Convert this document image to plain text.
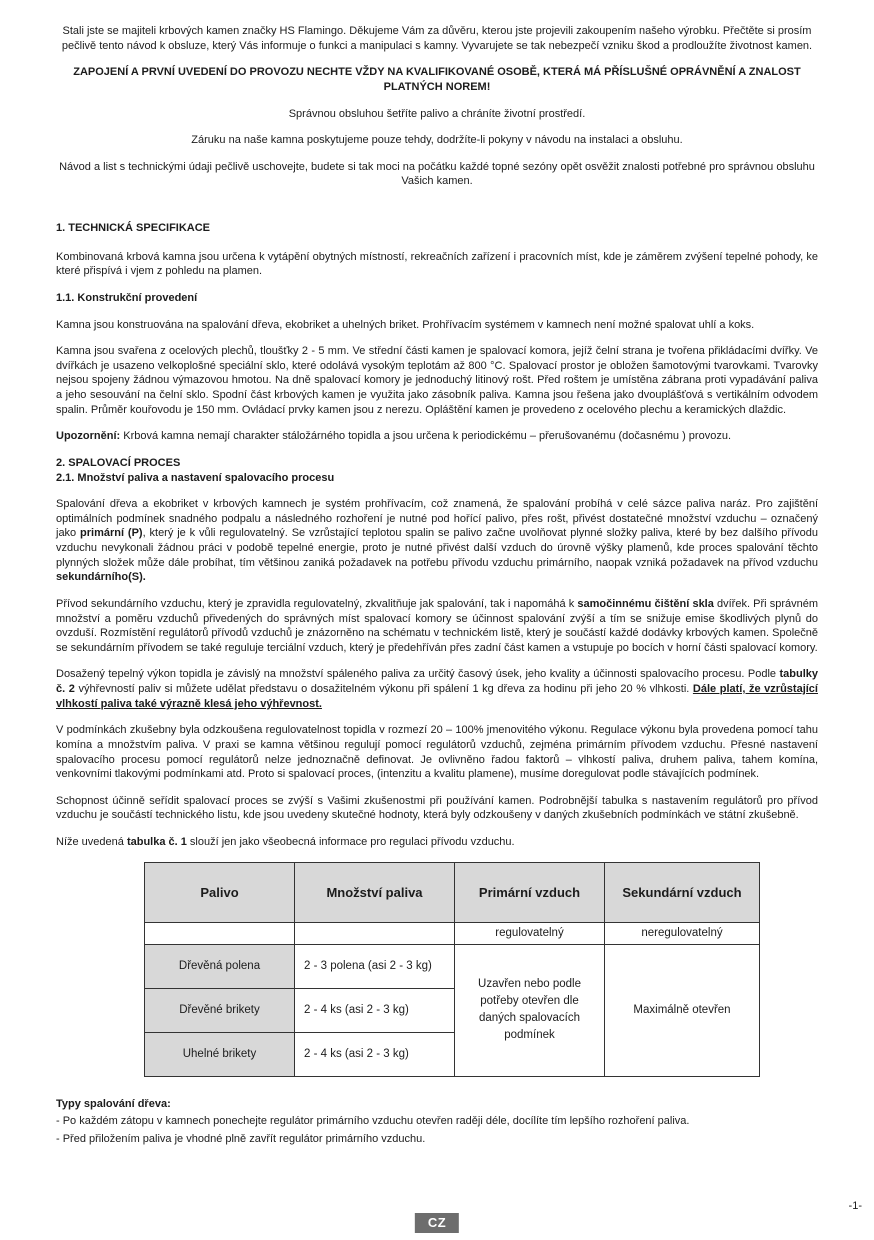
Stali jste se majiteli krbových kamen značky HS Flamingo. Děkujeme Vám za důvěru, kterou jste projevili zakoupením našeho výrobku. Přečtěte si prosím pečlivě tento návod k obsluze, který Vás informuje o funkci a manipulaci s kamny. Vyvarujete se tak nebezpečí vzniku škod a prodloužíte životnost kamen.

ZAPOJENÍ A PRVNÍ UVEDENÍ DO PROVOZU NECHTE VŽDY NA KVALIFIKOVANÉ OSOBĚ, KTERÁ MÁ PŘÍSLUŠNÉ OPRÁVNĚNÍ A ZNALOST PLATNÝCH NOREM!

Správnou obsluhou šetříte palivo a chráníte životní prostředí.

Záruku na naše kamna poskytujeme pouze tehdy, dodržíte-li pokyny v návodu na instalaci a obsluhu.

Návod a list s technickými údaji pečlivě uschovejte, budete si tak moci na počátku každé topné sezóny opět osvěžit znalosti potřebné pro správnou obsluhu Vašich kamen.

1. TECHNICKÁ SPECIFIKACE

Kombinovaná krbová kamna jsou určena k vytápění obytných místností, rekreačních zařízení i pracovních míst, kde je záměrem zvýšení tepelné pohody, ke které přispívá i vjem z pohledu na plamen.

1.1. Konstrukční provedení

Kamna jsou konstruována na spalování dřeva, ekobriket a uhelných briket. Prohřívacím systémem v kamnech není možné spalovat uhlí a koks.

Kamna jsou svařena z ocelových plechů, tloušťky 2 - 5 mm. Ve střední části kamen je spalovací komora, jejíž čelní strana je tvořena přikládacími dvířky. Ve dvířkách je usazeno velkoplošné speciální sklo, které odolává vysokým teplotám až 800 °C. Spalovací prostor je obložen šamotovými tvarovkami. Tvarovky nejsou spojeny žádnou výmazovou hmotou. Na dně spalovací komory je jednoduchý litinový rošt. Před roštem je umístěna zábrana proti vypadávání paliva a jeho sesouvání na čelní sklo. Spodní část krbových kamen je využita jako zásobník paliva. Kamna jsou řešena jako dvouplášťová s vertikálním odvodem spalin. Průměr kouřovodu je 150 mm. Ovládací prvky kamen jsou z nerezu. Opláštění kamen je provedeno z ocelového plechu a keramických dlaždic.

Upozornění: Krbová kamna nemají charakter stáložárného topidla a jsou určena k periodickému – přerušovanému (dočasnému ) provozu.

2. SPALOVACÍ PROCES
2.1. Množství paliva a nastavení spalovacího procesu

Spalování dřeva a ekobriket v krbových kamnech je systém prohřívacím, což znamená, že spalování probíhá v celé sázce paliva naráz. Pro zajištění optimálních podmínek snadného podpalu a následného rozhoření je nutné pod hořící palivo, přes rošt, přivést dostatečné množství vzduchu – označený jako primární (P), který je k vůli regulovatelný. Se vzrůstající teplotou spalin se palivo začne uvolňovat plynné složky paliva, které by bez dalšího přívodu vzduchu nevykonali žádnou práci v podobě tepelné energie, proto je nutné přivést další vzduch do úrovně výšky plamenů, kde proces spalování těchto plynných složek může dále probíhat, tím většinou zaniká požadavek na potřebu přívodu vzduchu primárního, naopak vzniká požadavek na přívod vzduchu sekundárního(S).

Přívod sekundárního vzduchu, který je zpravidla regulovatelný, zkvalitňuje jak spalování, tak i napomáhá k samočinnému čištění skla dvířek. Při správném množství a poměru vzduchů přivedených do správných míst spalovací komory se účinnost spalování zvýší a tím se snižuje emise škodlivých plynů do ovzduší. Rozmístění regulátorů přívodů vzduchů je znázorněno na schématu v technickém listě, který je součástí každé dodávky krbových kamen. Společně se sekundárním přívodem se také reguluje terciální vzduch, který je předehříván přes zadní část kamen a vstupuje po bocích v horní části spalovací komory.

Dosažený tepelný výkon topidla je závislý na množství spáleného paliva za určitý časový úsek, jeho kvality a účinnosti spalovacího procesu. Podle tabulky č. 2 výhřevností paliv si můžete udělat představu o dosažitelném výkonu při spálení 1 kg dřeva za hodinu při jeho 20 % vlhkosti. Dále platí, že vzrůstající vlhkostí paliva také výrazně klesá jeho výhřevnost.

V podmínkách zkušebny byla odzkoušena regulovatelnost topidla v rozmezí 20 – 100% jmenovitého výkonu. Regulace výkonu byla provedena pomocí tahu komína a množstvím paliva. V praxi se kamna většinou regulují pomocí regulátorů vzduchů, zejména primárním přívodem vzduchu. Přesné nastavení spalovacího procesu pomocí regulátorů nelze jednoznačně definovat. Je ovlivněno řadou faktorů – vlhkostí paliva, druhem paliva, tahem komína, venkovními tlakovými podmínkami atd. Proto si spalovací proces, (intenzitu a kvalitu plamene), musíme doregulovat podle stávajících podmínek.

Schopnost účinně seřídit spalovací proces se zvýší s Vašimi zkušenostmi při používání kamen. Podrobnější tabulka s nastavením regulátorů pro přívod vzduchu je součástí technického listu, kde jsou uvedeny skutečné hodnoty, která byly odzkoušeny v daných zkušebních podmínkách ve státní zkušebně.

Níže uvedená tabulka č. 1 slouží jen jako všeobecná informace pro regulaci přívodu vzduchu.

Palivo	Množství paliva	Primární vzduch	Sekundární vzduch
		regulovatelný	neregulovatelný
Dřevěná polena	2 - 3 polena (asi 2 - 3 kg)	Uzavřen nebo podle potřeby otevřen dle daných spalovacích podmínek	Maximálně otevřen
Dřevěné brikety	2 - 4 ks (asi 2 - 3 kg)		
Uhelné brikety	2 - 4 ks (asi 2 - 3 kg)		
Typy spalování dřeva:

- Po každém zátopu v kamnech ponechejte regulátor primárního vzduchu otevřen raději déle, docílíte tím lepšího rozhoření paliva.

- Před přiložením paliva je vhodné plně zavřít regulátor primárního vzduchu.

CZ
-1-
